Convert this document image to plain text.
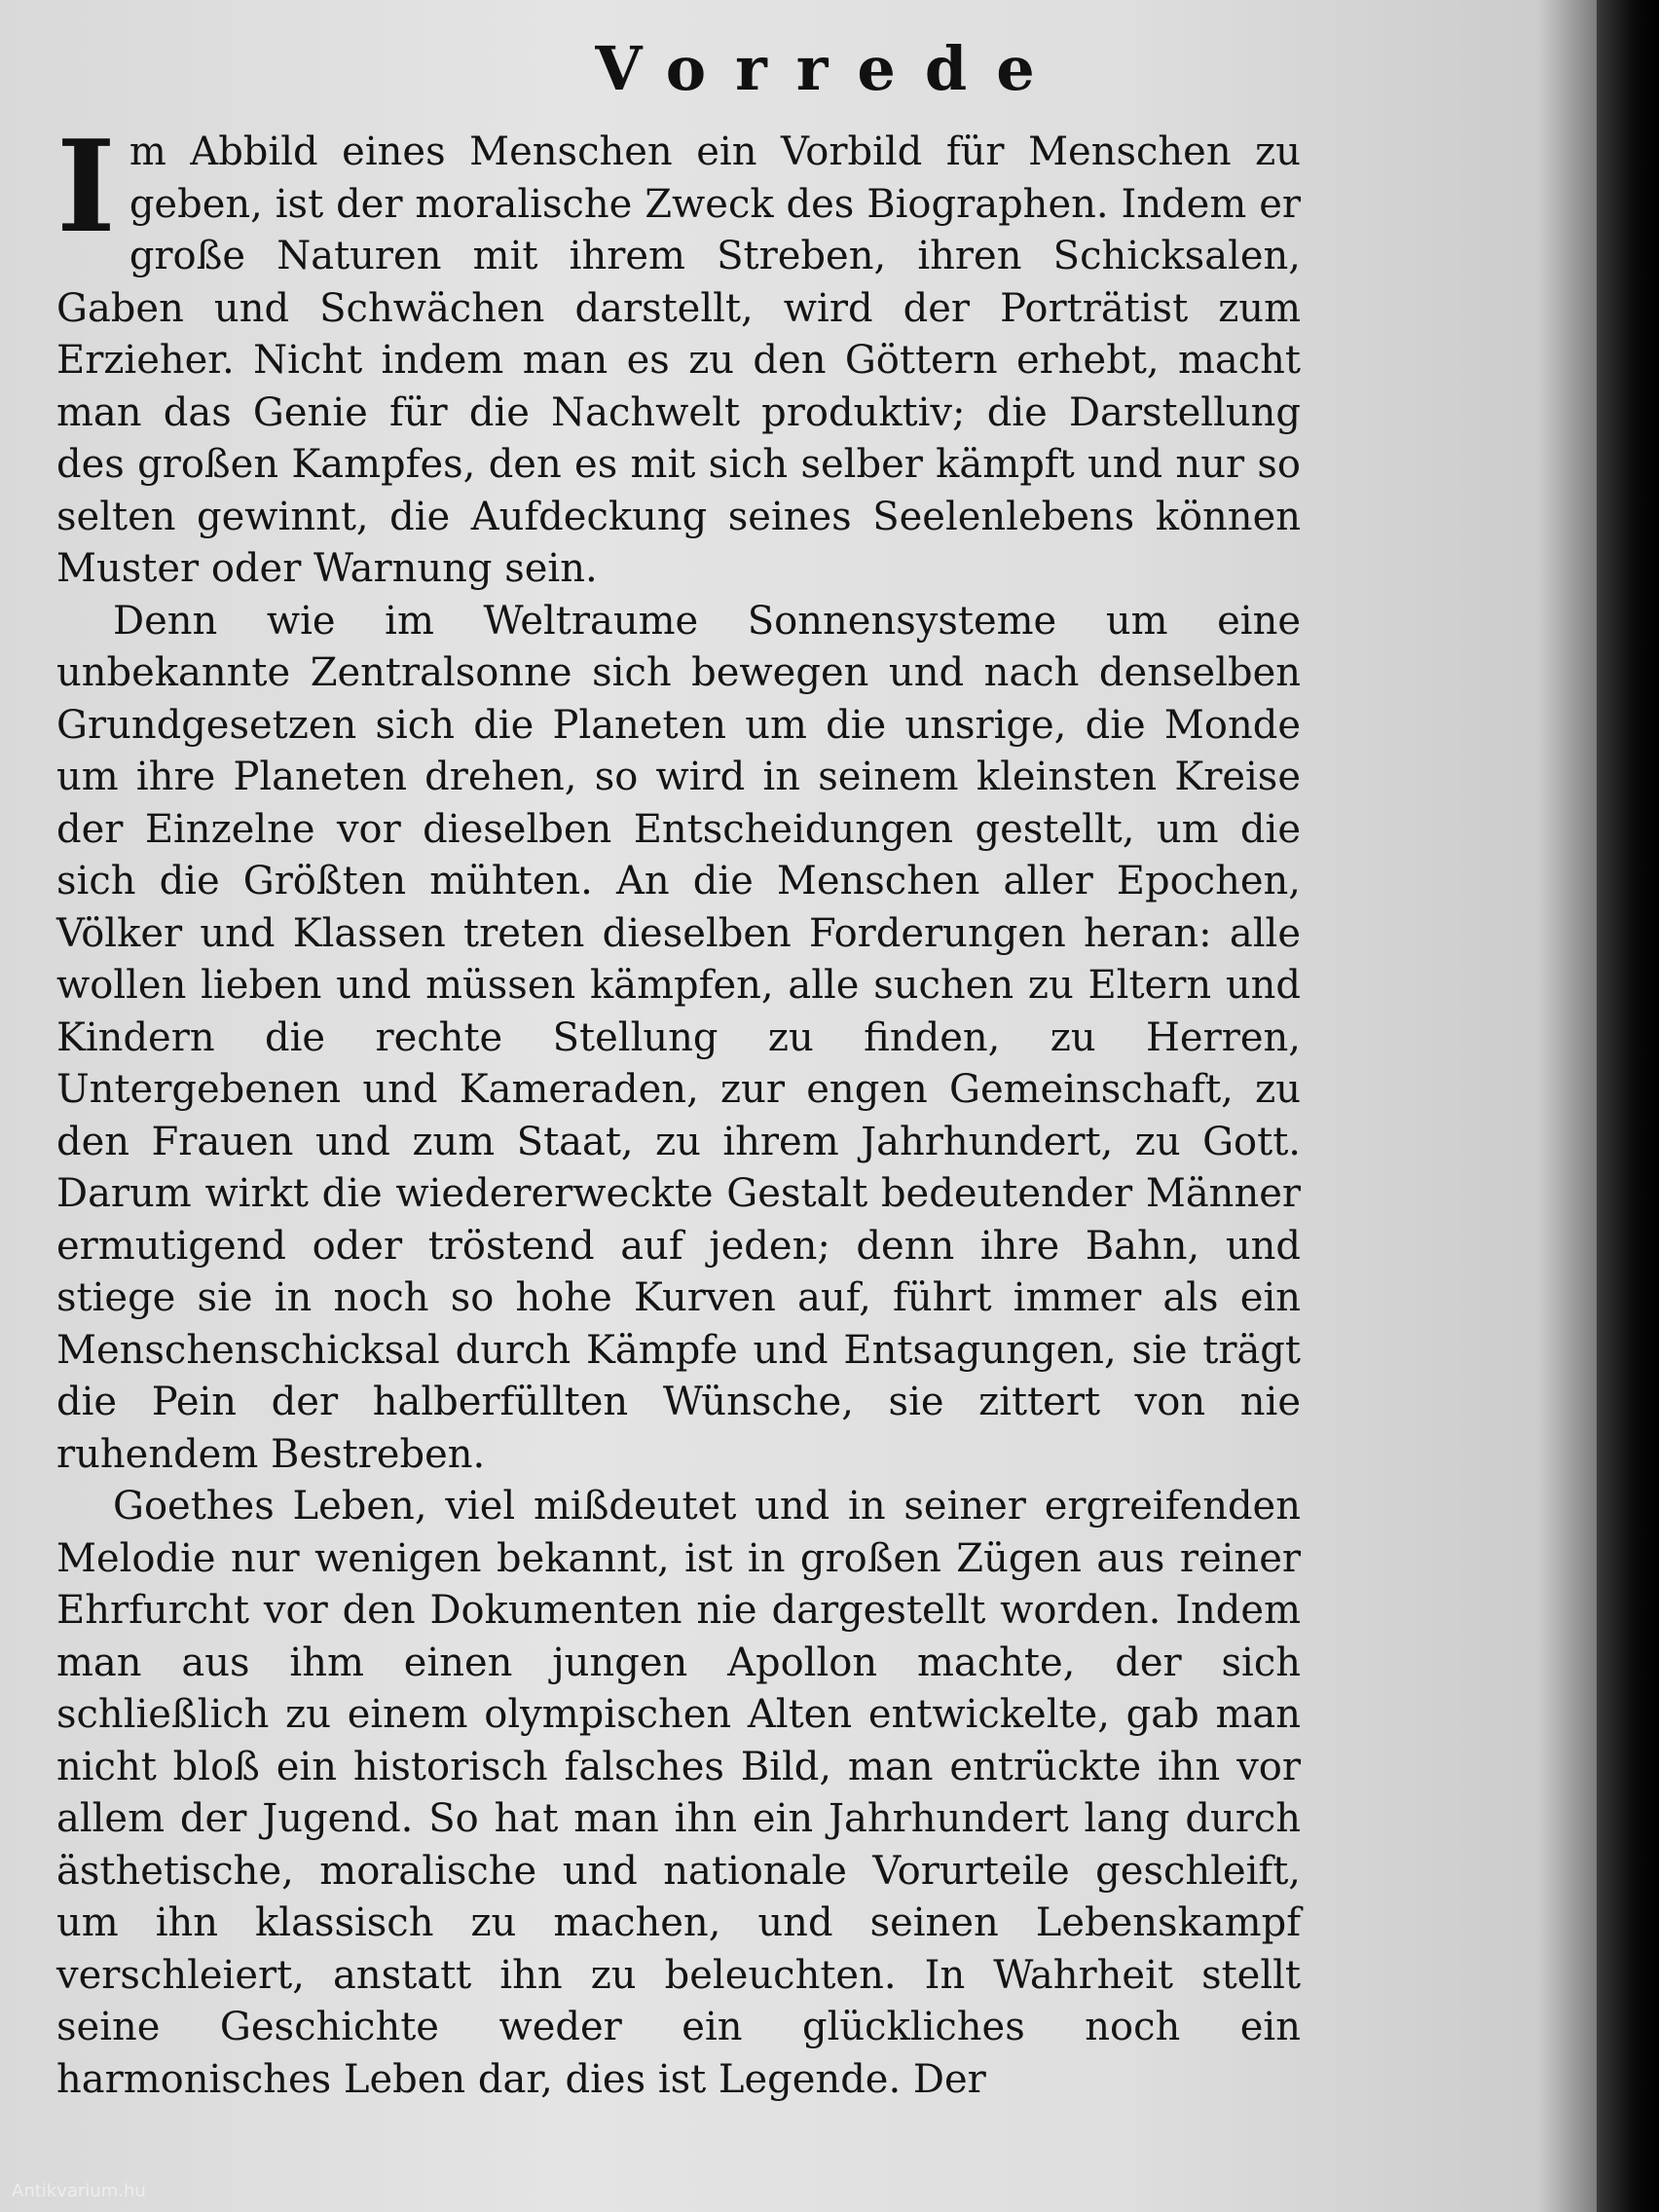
Vorrede

Im Abbild eines Menschen ein Vorbild für Menschen zu geben, ist der moralische Zweck des Biographen. Indem er große Naturen mit ihrem Streben, ihren Schicksalen, Gaben und Schwächen darstellt, wird der Porträtist zum Erzieher. Nicht indem man es zu den Göttern erhebt, macht man das Genie für die Nachwelt produktiv; die Darstellung des großen Kampfes, den es mit sich selber kämpft und nur so selten gewinnt, die Aufdeckung seines Seelenlebens können Muster oder Warnung sein.

Denn wie im Weltraume Sonnensysteme um eine unbekannte Zentralsonne sich bewegen und nach denselben Grundgesetzen sich die Planeten um die unsrige, die Monde um ihre Planeten drehen, so wird in seinem kleinsten Kreise der Einzelne vor dieselben Entscheidungen gestellt, um die sich die Größten mühten. An die Menschen aller Epochen, Völker und Klassen treten dieselben Forderungen heran: alle wollen lieben und müssen kämpfen, alle suchen zu Eltern und Kindern die rechte Stellung zu finden, zu Herren, Untergebenen und Kameraden, zur engen Gemeinschaft, zu den Frauen und zum Staat, zu ihrem Jahrhundert, zu Gott. Darum wirkt die wiedererweckte Gestalt bedeutender Männer ermutigend oder tröstend auf jeden; denn ihre Bahn, und stiege sie in noch so hohe Kurven auf, führt immer als ein Menschenschicksal durch Kämpfe und Entsagungen, sie trägt die Pein der halberfüllten Wünsche, sie zittert von nie ruhendem Bestreben.

Goethes Leben, viel mißdeutet und in seiner ergreifenden Melodie nur wenigen bekannt, ist in großen Zügen aus reiner Ehrfurcht vor den Dokumenten nie dargestellt worden. Indem man aus ihm einen jungen Apollon machte, der sich schließlich zu einem olympischen Alten entwickelte, gab man nicht bloß ein historisch falsches Bild, man entrückte ihn vor allem der Jugend. So hat man ihn ein Jahrhundert lang durch ästhetische, moralische und nationale Vorurteile geschleift, um ihn klassisch zu machen, und seinen Lebenskampf verschleiert, anstatt ihn zu beleuchten. In Wahrheit stellt seine Geschichte weder ein glückliches noch ein harmonisches Leben dar, dies ist Legende. Der

Antikvarium.hu
